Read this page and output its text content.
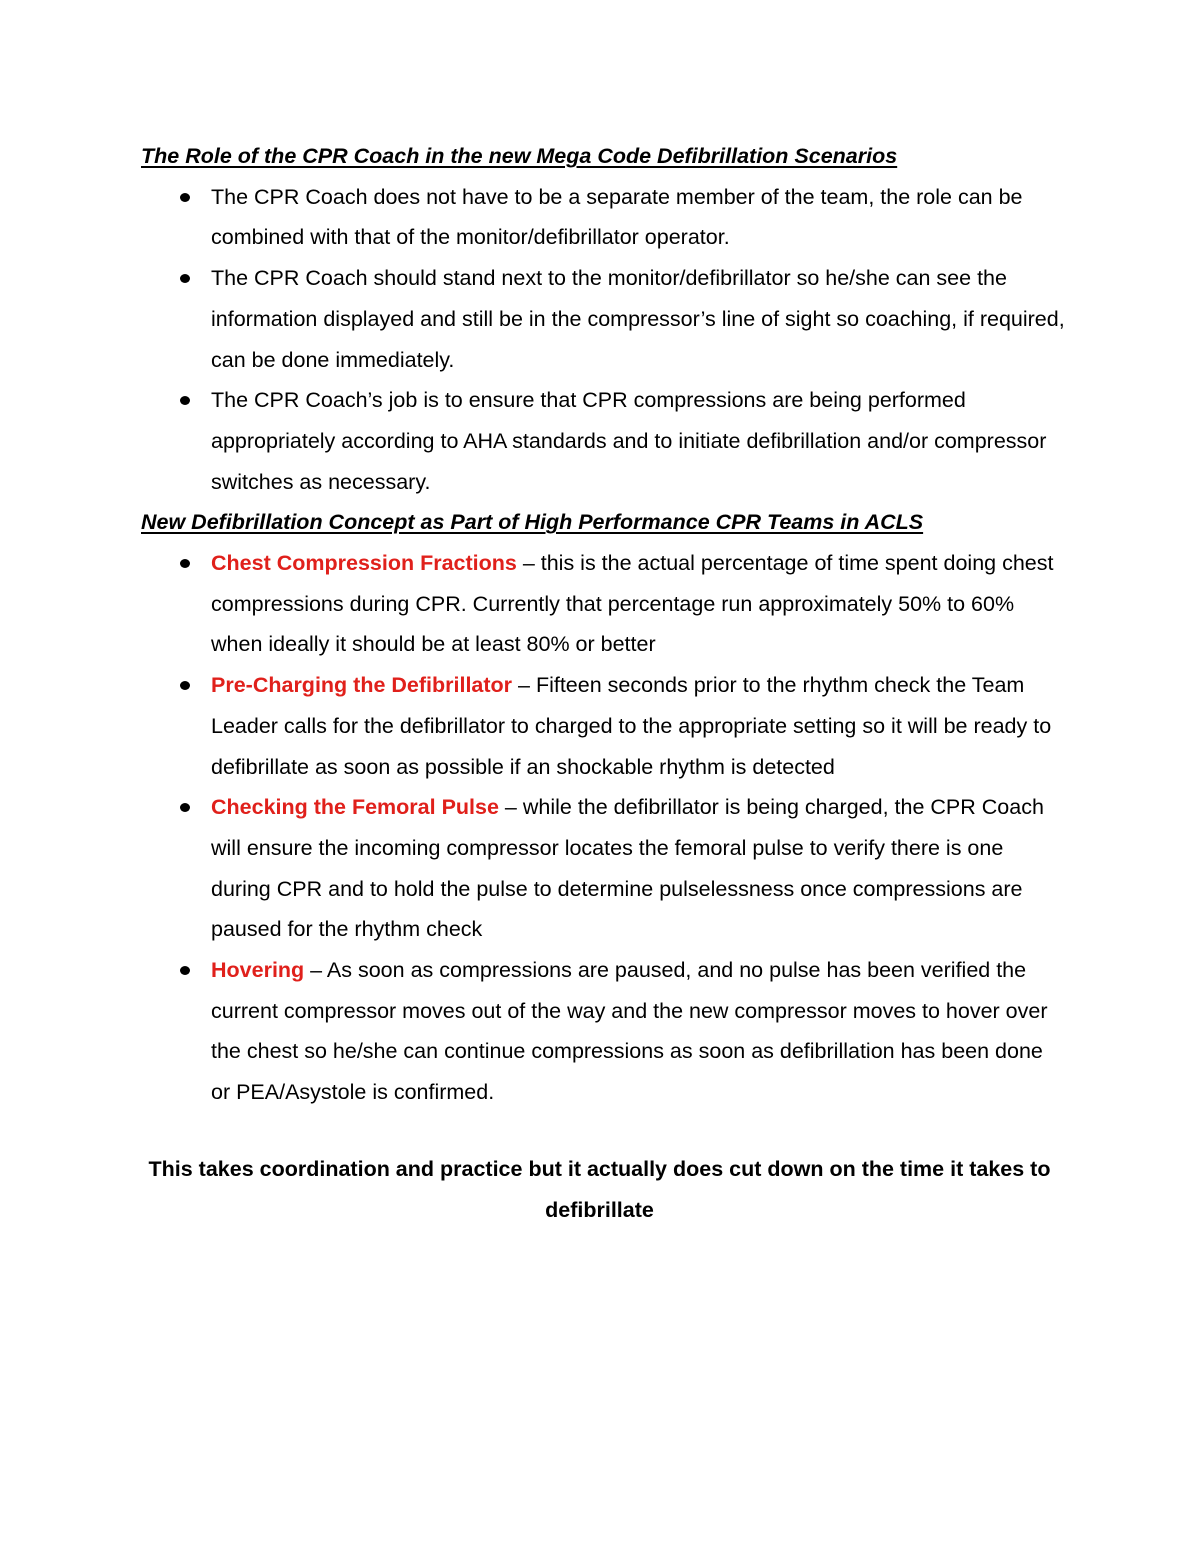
The Role of the CPR Coach in the new Mega Code Defibrillation Scenarios

The CPR Coach does not have to be a separate member of the team, the role can be combined with that of the monitor/defibrillator operator.
The CPR Coach should stand next to the monitor/defibrillator so he/she can see the information displayed and still be in the compressor’s line of sight so coaching, if required, can be done immediately.
The CPR Coach’s job is to ensure that CPR compressions are being performed appropriately according to AHA standards and to initiate defibrillation and/or compressor switches as necessary.

New Defibrillation Concept as Part of High Performance CPR Teams in ACLS

Chest Compression Fractions – this is the actual percentage of time spent doing chest compressions during CPR. Currently that percentage run approximately 50% to 60% when ideally it should be at least 80% or better
Pre-Charging the Defibrillator – Fifteen seconds prior to the rhythm check the Team Leader calls for the defibrillator to charged to the appropriate setting so it will be ready to defibrillate as soon as possible if an shockable rhythm is detected
Checking the Femoral Pulse – while the defibrillator is being charged, the CPR Coach will ensure the incoming compressor locates the femoral pulse to verify there is one during CPR and to hold the pulse to determine pulselessness once compressions are paused for the rhythm check
Hovering – As soon as compressions are paused, and no pulse has been verified the current compressor moves out of the way and the new compressor moves to hover over the chest so he/she can continue compressions as soon as defibrillation has been done or PEA/Asystole is confirmed.

This takes coordination and practice but it actually does cut down on the time it takes to defibrillate
